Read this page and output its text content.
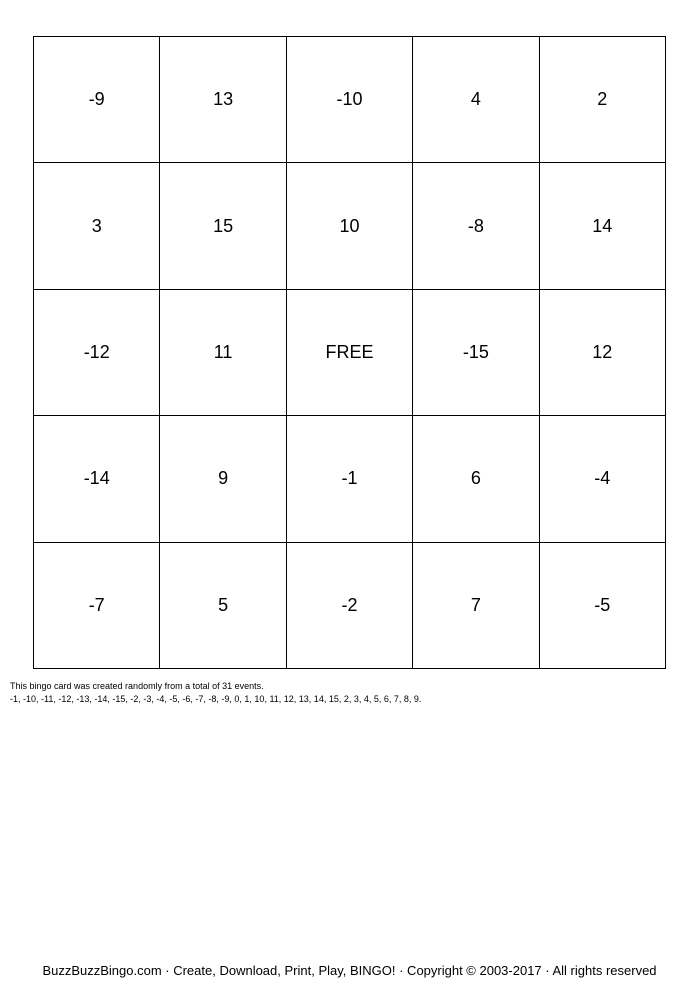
-9	13	-10	4	2
3	15	10	-8	14
-12	11	FREE	-15	12
-14	9	-1	6	-4
-7	5	-2	7	-5
This bingo card was created randomly from a total of 31 events.
-1, -10, -11, -12, -13, -14, -15, -2, -3, -4, -5, -6, -7, -8, -9, 0, 1, 10, 11, 12, 13, 14, 15, 2, 3, 4, 5, 6, 7, 8, 9.
BuzzBuzzBingo.com · Create, Download, Print, Play, BINGO! · Copyright © 2003-2017 · All rights reserved
